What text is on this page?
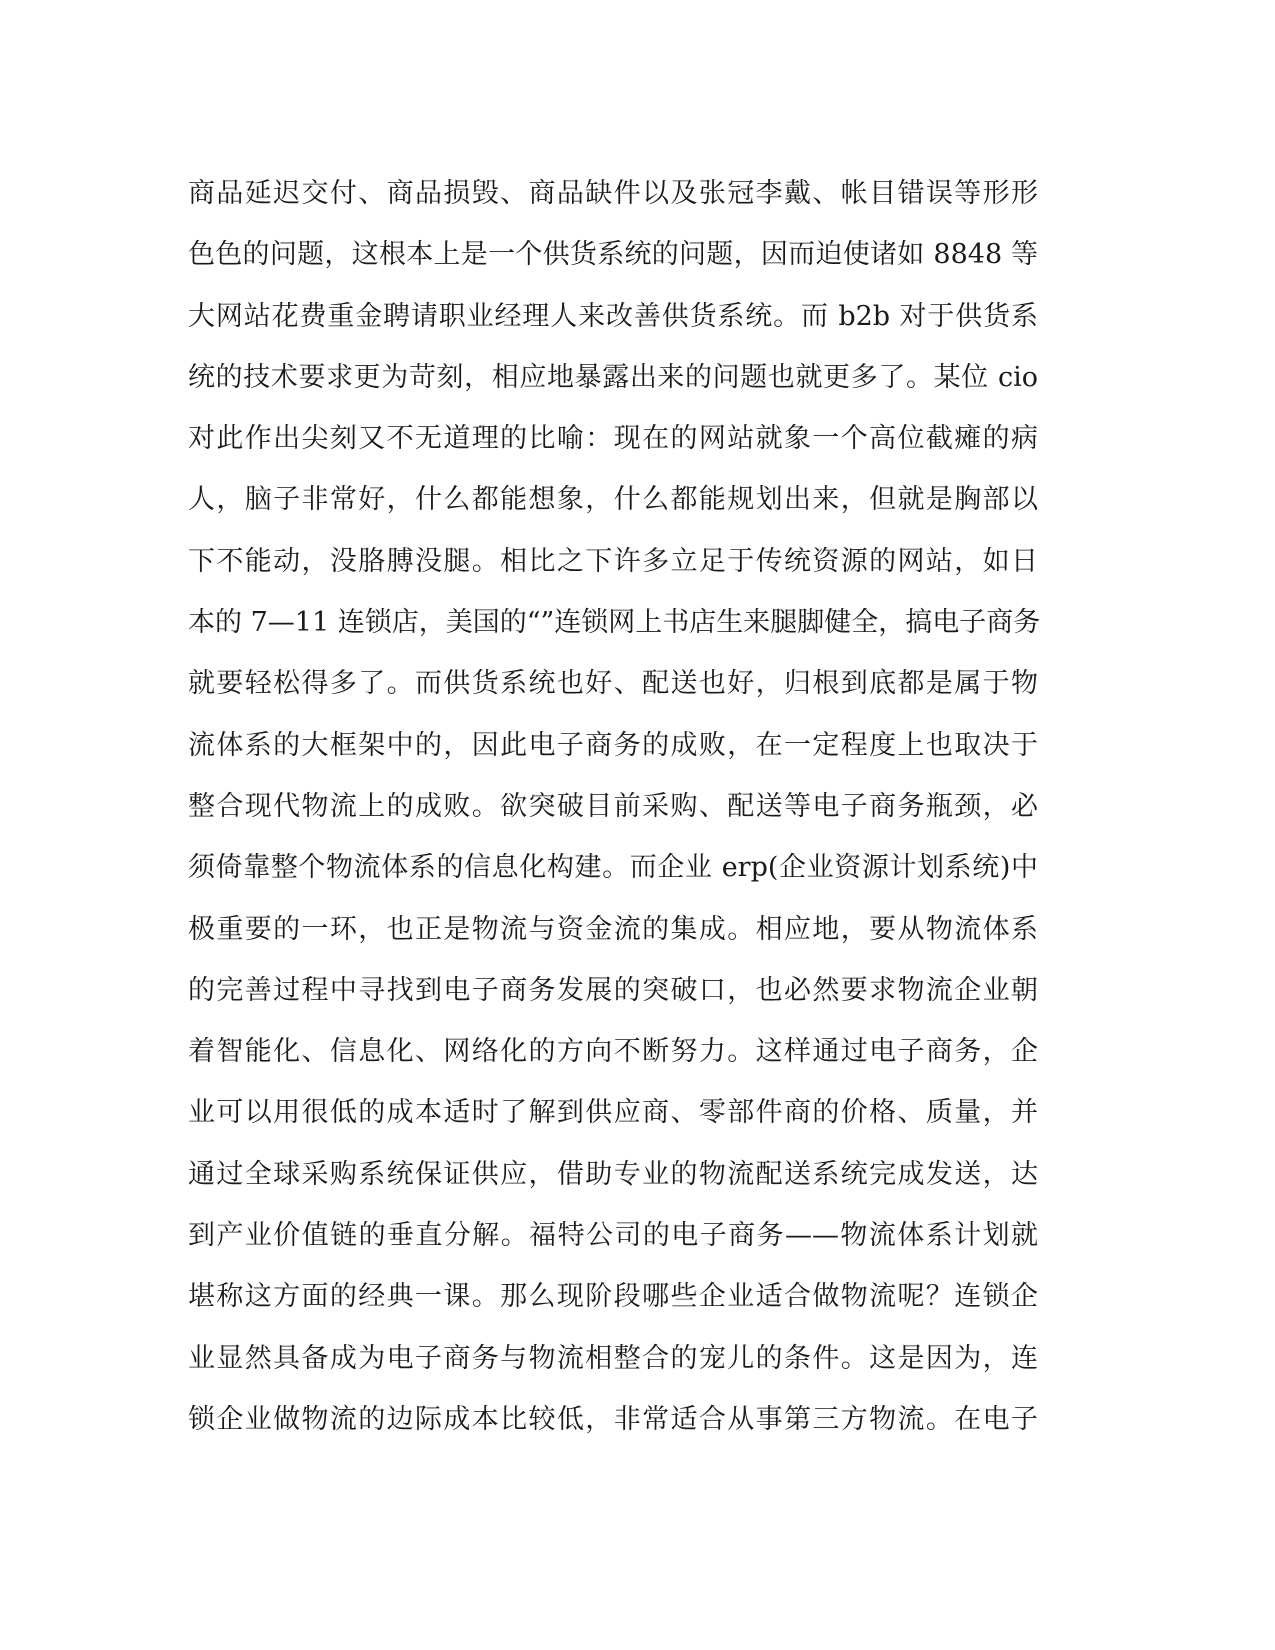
商品延迟交付、商品损毁、商品缺件以及张冠李戴、帐目错误等形形
色色的问题，这根本上是一个供货系统的问题，因而迫使诸如 8848 等
大网站花费重金聘请职业经理人来改善供货系统。而 b2b 对于供货系
统的技术要求更为苛刻，相应地暴露出来的问题也就更多了。某位 cio
对此作出尖刻又不无道理的比喻：现在的网站就象一个高位截瘫的病
人，脑子非常好，什么都能想象，什么都能规划出来，但就是胸部以
下不能动，没胳膊没腿。相比之下许多立足于传统资源的网站，如日
本的 7—11 连锁店，美国的“”连锁网上书店生来腿脚健全，搞电子商务
就要轻松得多了。而供货系统也好、配送也好，归根到底都是属于物
流体系的大框架中的，因此电子商务的成败，在一定程度上也取决于
整合现代物流上的成败。欲突破目前采购、配送等电子商务瓶颈，必
须倚靠整个物流体系的信息化构建。而企业 erp(企业资源计划系统)中
极重要的一环，也正是物流与资金流的集成。相应地，要从物流体系
的完善过程中寻找到电子商务发展的突破口，也必然要求物流企业朝
着智能化、信息化、网络化的方向不断努力。这样通过电子商务，企
业可以用很低的成本适时了解到供应商、零部件商的价格、质量，并
通过全球采购系统保证供应，借助专业的物流配送系统完成发送，达
到产业价值链的垂直分解。福特公司的电子商务——物流体系计划就
堪称这方面的经典一课。那么现阶段哪些企业适合做物流呢？连锁企
业显然具备成为电子商务与物流相整合的宠儿的条件。这是因为，连
锁企业做物流的边际成本比较低，非常适合从事第三方物流。在电子
